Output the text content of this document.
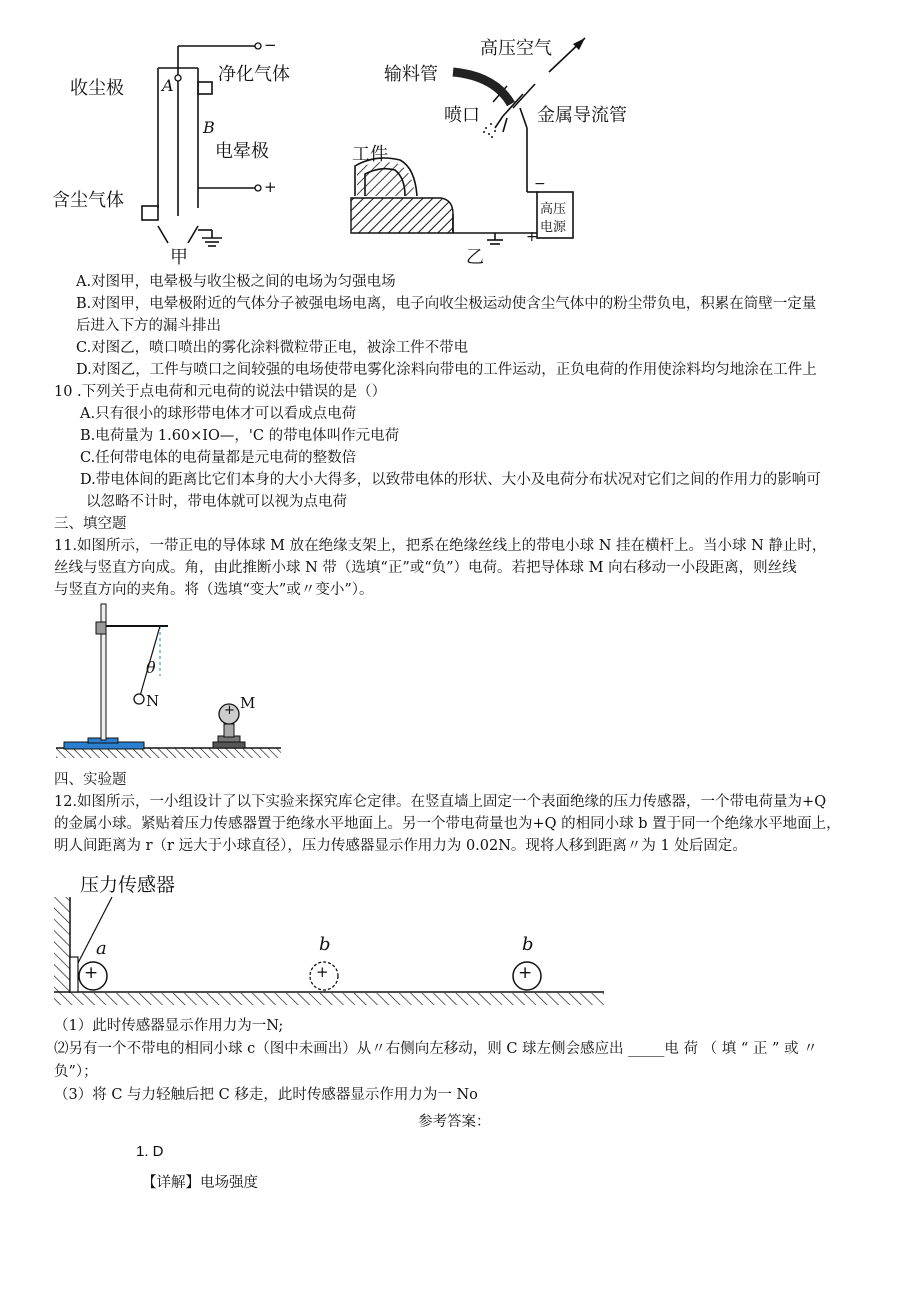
收尘极 A
净化气体
B
电晕极
含尘气体
−
+
甲
高压空气
输料管
喷口	金属导流管
工件
高压
电源
−
+
乙
A.对图甲，电晕极与收尘极之间的电场为匀强电场
B.对图甲，电晕极附近的气体分子被强电场电离，电子向收尘极运动使含尘气体中的粉尘带负电，积累在筒壁一定量
后进入下方的漏斗排出
C.对图乙，喷口喷出的雾化涂料微粒带正电，被涂工件不带电
D.对图乙，工件与喷口之间较强的电场使带电雾化涂料向带电的工件运动，正负电荷的作用使涂料均匀地涂在工件上
10 .下列关于点电荷和元电荷的说法中错误的是（）
A.只有很小的球形带电体才可以看成点电荷
B.电荷量为 1.60×IO—，'C 的带电体叫作元电荷
C.任何带电体的电荷量都是元电荷的整数倍
D.带电体间的距离比它们本身的大小大得多，以致带电体的形状、大小及电荷分布状况对它们之间的作用力的影响可
以忽略不计时，带电体就可以视为点电荷
三、填空题
11.如图所示，一带正电的导体球 M 放在绝缘支架上，把系在绝缘丝线上的带电小球 N 挂在横杆上。当小球 N 静止时，
丝线与竖直方向成。角，由此推断小球 N 带（选填“正”或“负”）电荷。若把导体球 M 向右移动一小段距离，则丝线
与竖直方向的夹角。将（选填“变大”或〃变小”）。
θ
N	M
+
四、实验题
12.如图所示，一小组设计了以下实验来探究库仑定律。在竖直墙上固定一个表面绝缘的压力传感器，一个带电荷量为+Q
的金属小球。紧贴着压力传感器置于绝缘水平地面上。另一个带电荷量也为+Q 的相同小球 b 置于同一个绝缘水平地面上，
明人间距离为 r（r 远大于小球直径），压力传感器显示作用力为 0.02N。现将人移到距离〃为 1 处后固定。
压力传感器
a	b	b
+	+	+
（1）此时传感器显示作用力为一N;
⑵另有一个不带电的相同小球 c（图中未画出）从〃右侧向左移动，则 C 球左侧会感应出 _____电 荷 （ 填 “ 正 ” 或 〃
负”）；
（3）将 C 与力轻触后把 C 移走，此时传感器显示作用力为一 No
参考答案：
1. D
【详解】电场强度
